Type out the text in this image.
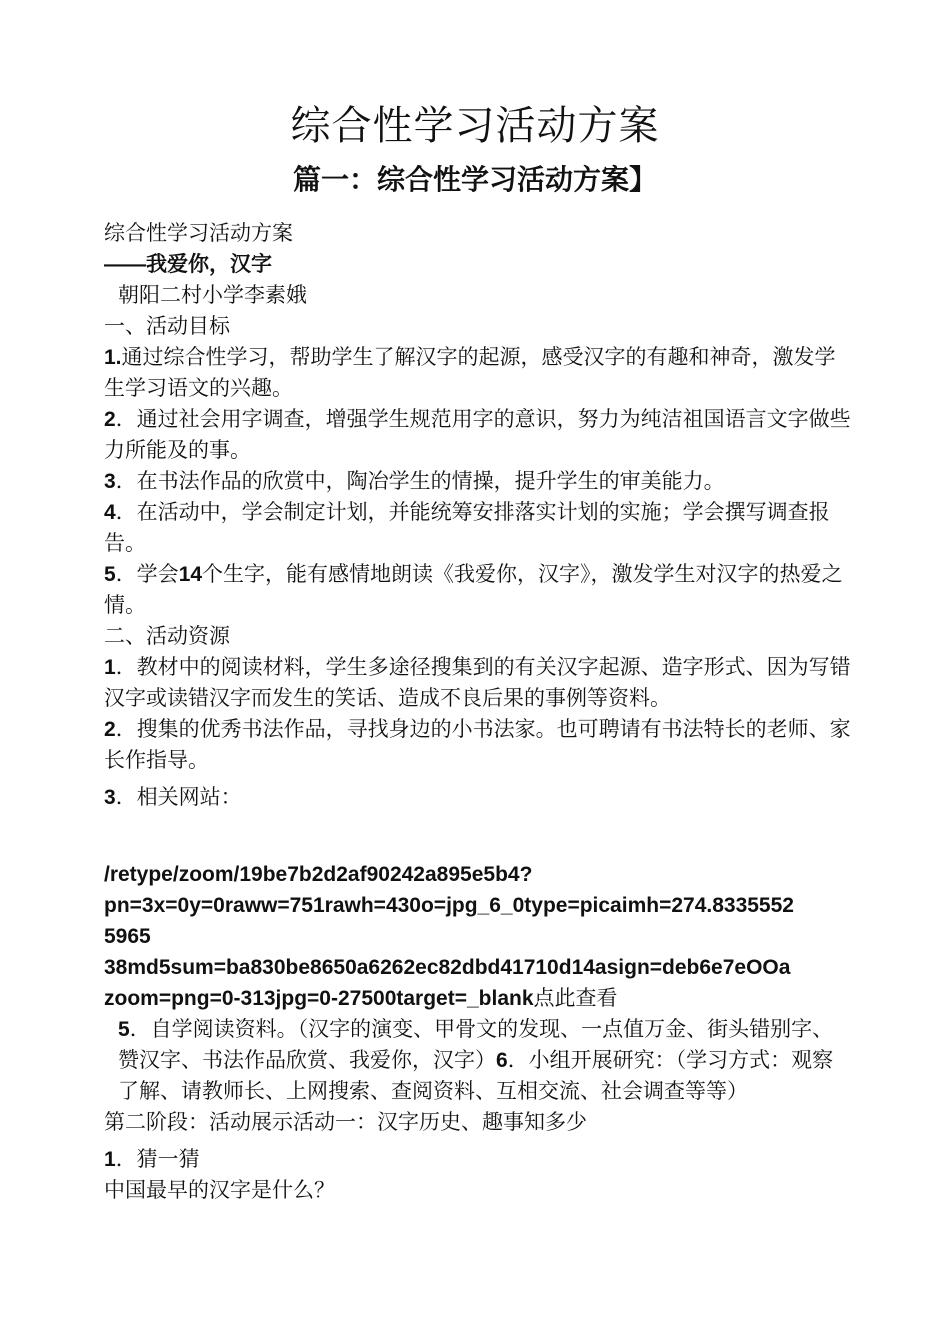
综合性学习活动方案
篇一：综合性学习活动方案】

综合性学习活动方案

——我爱你，汉字

朝阳二村小学李素娥

一、活动目标

1.通过综合性学习，帮助学生了解汉字的起源，感受汉字的有趣和神奇，激发学生学习语文的兴趣。

2．通过社会用字调查，增强学生规范用字的意识，努力为纯洁祖国语言文字做些力所能及的事。

3．在书法作品的欣赏中，陶冶学生的情操，提升学生的审美能力。

4．在活动中，学会制定计划，并能统筹安排落实计划的实施；学会撰写调查报告。

5．学会14个生字，能有感情地朗读《我爱你，汉字》，激发学生对汉字的热爱之情。

二、活动资源

1．教材中的阅读材料，学生多途径搜集到的有关汉字起源、造字形式、因为写错汉字或读错汉字而发生的笑话、造成不良后果的事例等资料。

2．搜集的优秀书法作品，寻找身边的小书法家。也可聘请有书法特长的老师、家长作指导。

3．相关网站：

/retype/zoom/19be7b2d2af90242a895e5b4?

pn=3x=0y=0raww=751rawh=430o=jpg_6_0type=picaimh=274.8335552

5965

38md5sum=ba830be8650a6262ec82dbd41710d14asign=deb6e7eOOa

zoom=png=0-313jpg=0-27500target=_blank点此查看

5．自学阅读资料。（汉字的演变、甲骨文的发现、一点值万金、街头错别字、赞汉字、书法作品欣赏、我爱你，汉字）6．小组开展研究：（学习方式：观察了解、请教师长、上网搜索、查阅资料、互相交流、社会调查等等）

第二阶段：活动展示活动一：汉字历史、趣事知多少

1．猜一猜

中国最早的汉字是什么？
